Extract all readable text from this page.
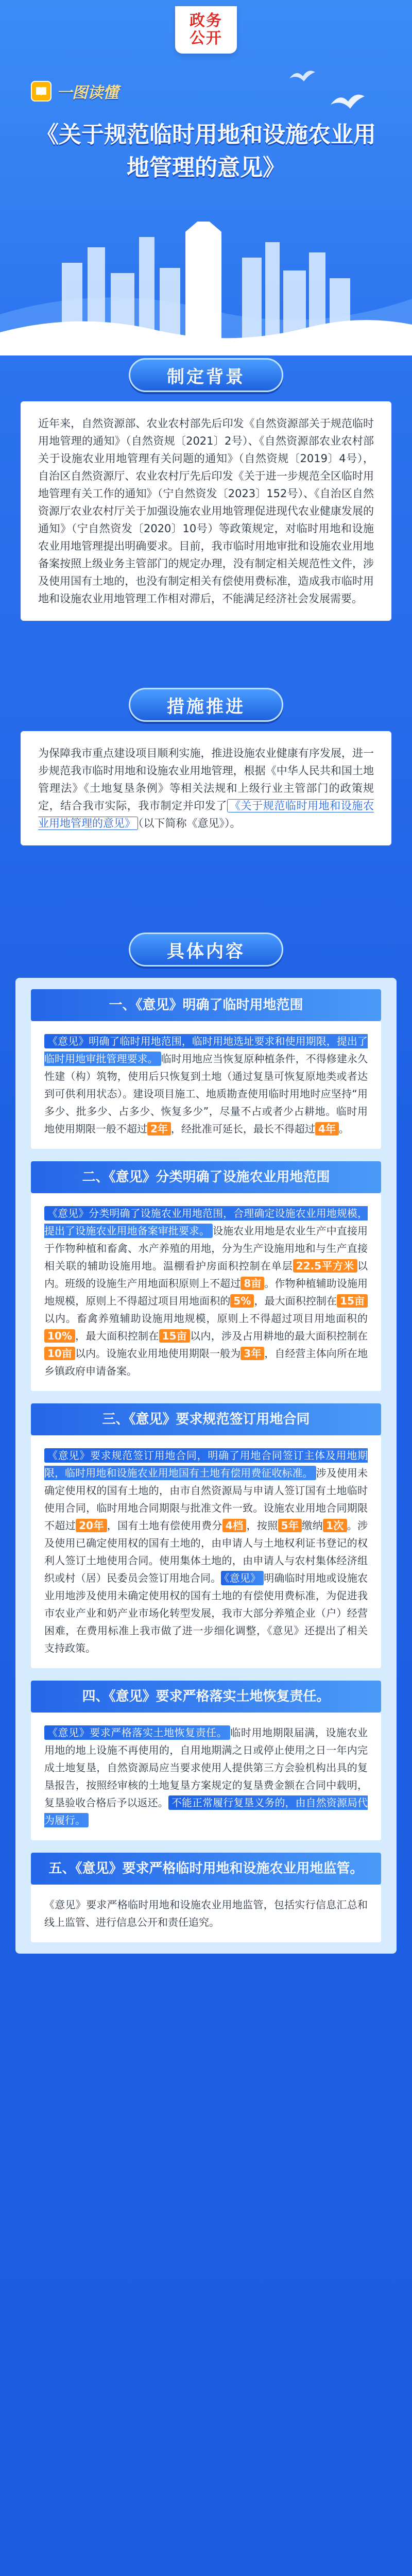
政务
公开
一图读懂
《关于规范临时用地和设施农业用地管理的意见》
制定背景
近年来，自然资源部、农业农村部先后印发《自然资源部关于规范临时用地管理的通知》（自然资规〔2021〕2号）、《自然资源部农业农村部关于设施农业用地管理有关问题的通知》（自然资规〔2019〕4号），自治区自然资源厅、农业农村厅先后印发《关于进一步规范全区临时用地管理有关工作的通知》（宁自然资发〔2023〕152号）、《自治区自然资源厅农业农村厅关于加强设施农业用地管理促进现代农业健康发展的通知》（宁自然资发〔2020〕10号）等政策规定，对临时用地和设施农业用地管理提出明确要求。目前，我市临时用地审批和设施农业用地备案按照上级业务主管部门的规定办理，没有制定相关规范性文件，涉及使用国有土地的，也没有制定相关有偿使用费标准，造成我市临时用地和设施农业用地管理工作相对滞后，不能满足经济社会发展需要。
措施推进
为保障我市重点建设项目顺利实施，推进设施农业健康有序发展，进一步规范我市临时用地和设施农业用地管理，根据《中华人民共和国土地管理法》《土地复垦条例》等相关法规和上级行业主管部门的政策规定，结合我市实际，我市制定并印发了 《关于规范临时用地和设施农业用地管理的意见》 （以下简称《意见》）。
具体内容
一、《意见》明确了临时用地范围
《意见》明确了临时用地范围，临时用地选址要求和使用期限，提出了临时用地审批管理要求。 临时用地应当恢复原种植条件，不得修建永久性建（构）筑物，使用后只恢复到土地（通过复垦可恢复原地类或者达到可供利用状态）。建设项目施工、地质勘查使用临时用地时应坚持“用多少、批多少、占多少、恢复多少”，尽量不占或者少占耕地。临时用地使用期限一般不超过 2年 ，经批准可延长，最长不得超过 4年 。
二、《意见》分类明确了设施农业用地范围
《意见》分类明确了设施农业用地范围，合理确定设施农业用地规模，提出了设施农业用地备案审批要求。 设施农业用地是农业生产中直接用于作物种植和畜禽、水产养殖的用地，分为生产设施用地和与生产直接相关联的辅助设施用地。温棚看护房面积控制在单层 22.5平方米 以内。班级的设施生产用地面积原则上不超过 8亩 。作物种植辅助设施用地规模，原则上不得超过项目用地面积的 5% ，最大面积控制在 15亩以内。畜禽养殖辅助设施用地规模，原则上不得超过项目用地面积的10% ，最大面积控制在 15亩 以内，涉及占用耕地的最大面积控制在10亩 以内。设施农业用地使用期限一般为 3年 ，自经营主体向所在地乡镇政府申请备案。
三、《意见》要求规范签订用地合同
《意见》要求规范签订用地合同，明确了用地合同签订主体及用地期限，临时用地和设施农业用地国有土地有偿用费征收标准。 涉及使用未确定使用权的国有土地的，由市自然资源局与申请人签订国有土地临时使用合同，临时用地合同期限与批准文件一致。设施农业用地合同期限不超过 20年 ，国有土地有偿使用费分 4档 ，按照 5年 缴纳 1次 。涉及使用已确定使用权的国有土地的，由申请人与土地权利证书登记的权利人签订土地使用合同。使用集体土地的，由申请人与农村集体经济组织或村（居）民委员会签订用地合同。 《意见》 明确临时用地或设施农业用地涉及使用未确定使用权的国有土地的有偿使用费标准，为促进我市农业产业和奶产业市场化转型发展，我市大部分养殖企业（户）经营困难，在费用标准上我市做了进一步细化调整，《意见》还提出了相关支持政策。
四、《意见》要求严格落实土地恢复责任。
《意见》要求严格落实土地恢复责任。 临时用地期限届满，设施农业用地的地上设施不再使用的，自用地期满之日或停止使用之日一年内完成土地复垦，自然资源局应当要求使用人提供第三方会验机构出具的复垦报告，按照经审核的土地复垦方案规定的复垦费金额在合同中载明，复垦验收合格后予以返还。 不能正常履行复垦义务的，由自然资源局代为履行。
五、《意见》要求严格临时用地和设施农业用地监管。
《意见》要求严格临时用地和设施农业用地监管，包括实行信息汇总和线上监管、进行信息公开和责任追究。
